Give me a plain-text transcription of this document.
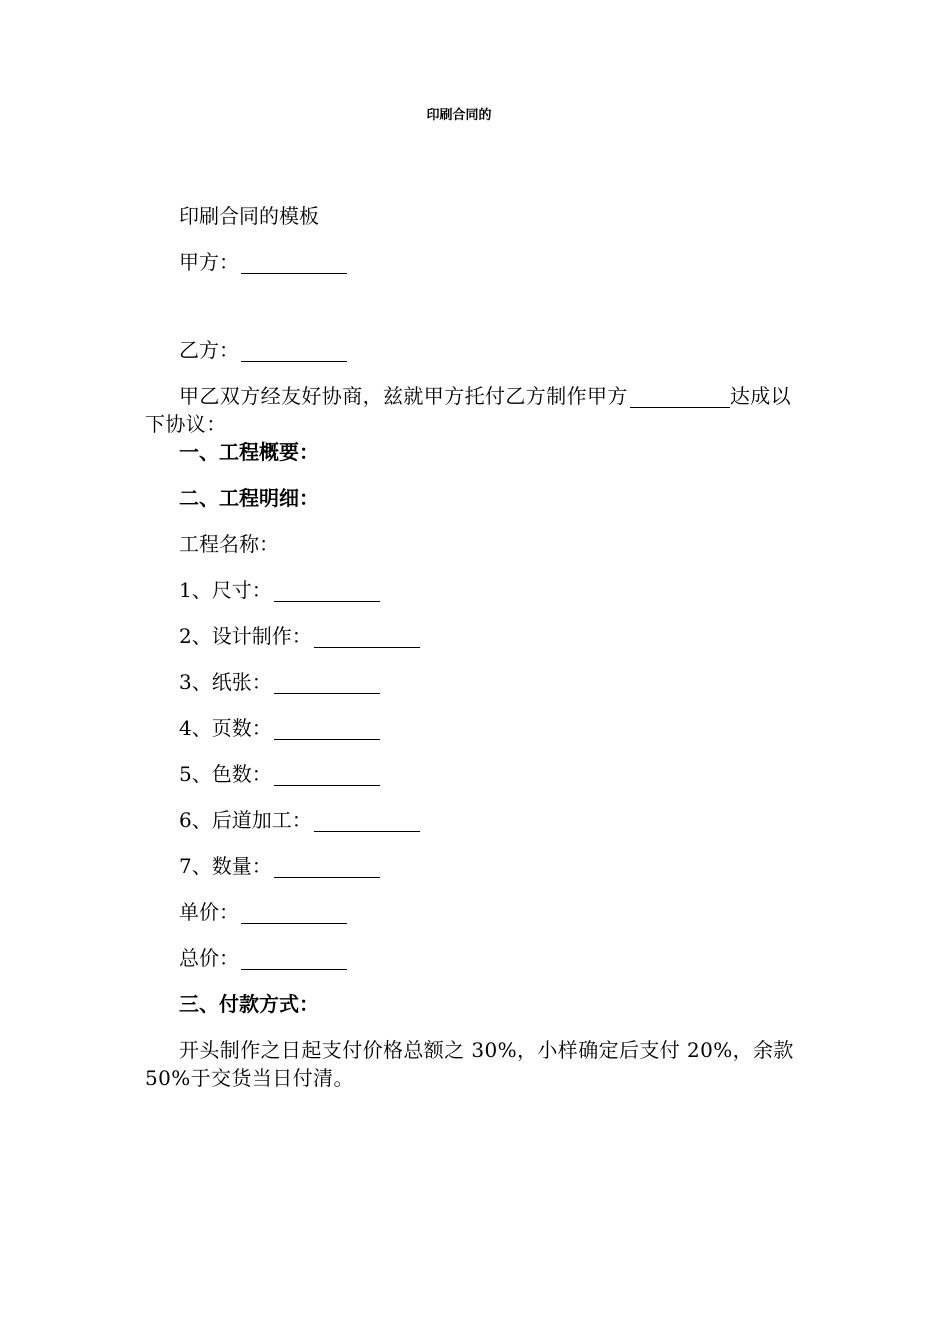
印刷合同的

印刷合同的模板

甲方：

乙方：

甲乙双方经友好协商，兹就甲方托付乙方制作甲方	达成以下协议：

一、工程概要：

二、工程明细：

工程名称：

1、尺寸：

2、设计制作：

3、纸张：

4、页数：

5、色数：

6、后道加工：

7、数量：

单价：

总价：

三、付款方式：

开头制作之日起支付价格总额之 30%，小样确定后支付 20%，余款 50%于交货当日付清。
